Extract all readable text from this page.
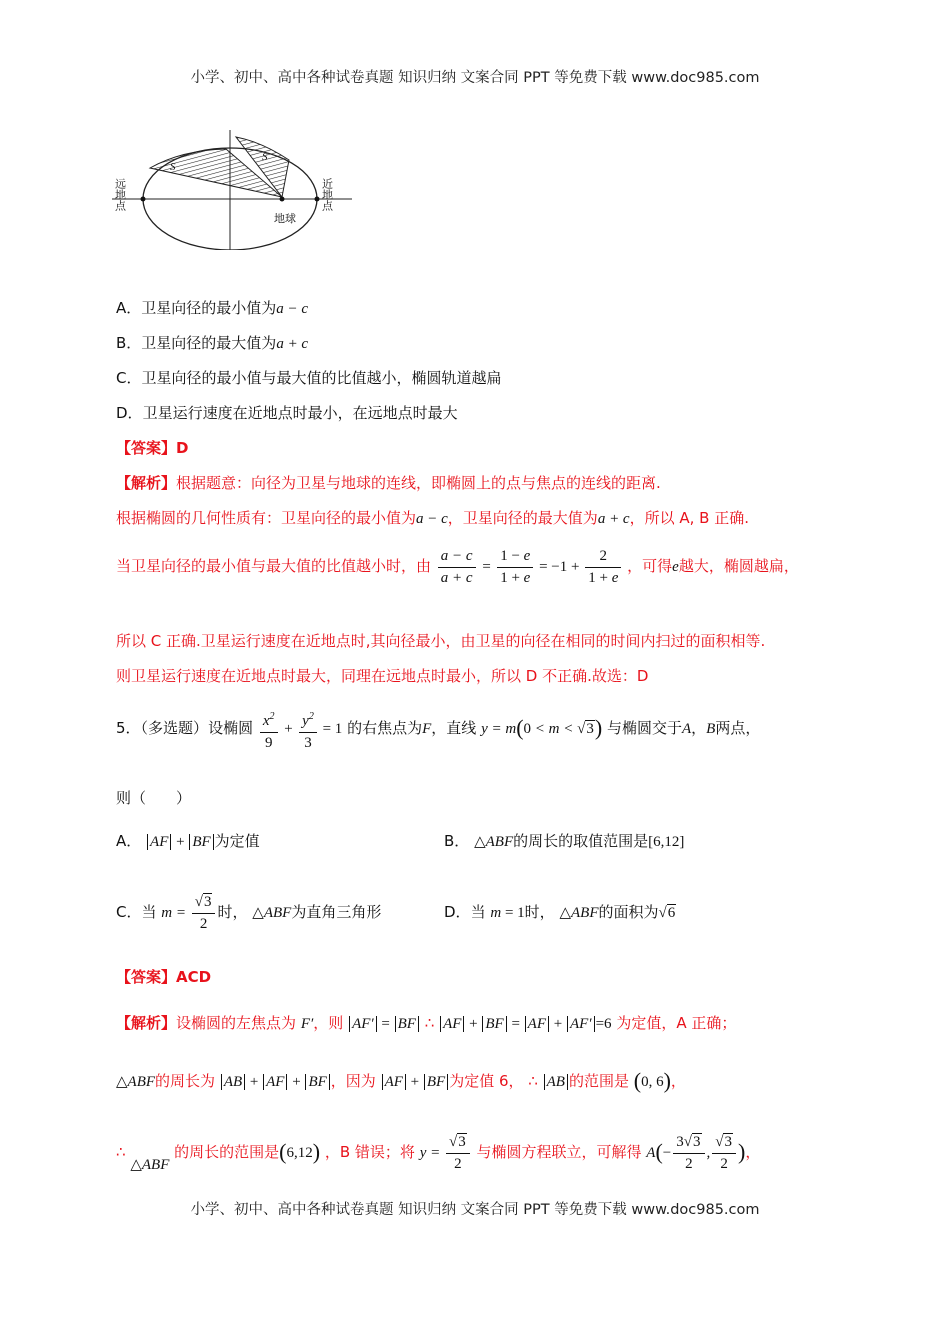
小学、初中、高中各种试卷真题 知识归纳 文案合同 PPT 等免费下载 www.doc985.com
S
S
地球
远地点	近地点
A．卫星向径的最小值为a − c
B．卫星向径的最大值为a + c
C．卫星向径的最小值与最大值的比值越小，椭圆轨道越扁
D．卫星运行速度在近地点时最小，在远地点时最大
【答案】D
【解析】根据题意：向径为卫星与地球的连线，即椭圆上的点与焦点的连线的距离.
根据椭圆的几何性质有：卫星向径的最小值为a − c，卫星向径的最大值为a + c，所以 A, B 正确.
当卫星向径的最小值与最大值的比值越小时，由 $\frac{a - c}{a + c} = \frac{1 - e}{1 + e} = -1 + \frac{2}{1 + e}$ ，可得e越大，椭圆越扁，
所以 C 正确.卫星运行速度在近地点时,其向径最小，由卫星的向径在相同的时间内扫过的面积相等.
则卫星运行速度在近地点时最大，同理在远地点时最小，所以 D 不正确.故选：D
5．（多选题）设椭圆 $\frac{x^2}{9} + \frac{y^2}{3} = 1$ 的右焦点为F，直线 y = m(0 < m < √3) 与椭圆交于A，B两点，
则（　　）
A． AF + BF 为定值	B． △ABF的周长的取值范围是[6,12]
C．当 $m = \frac{√3}{2}$ 时， △ABF为直角三角形	D．当 m = 1时， △ABF的面积为√6
【答案】ACD
【解析】设椭圆的左焦点为 F′，则 AF′ = BF ∴ AF + BF = AF + AF′ =6 为定值，A 正确；
△ABF的周长为 AB + AF + BF ，因为 AF + BF 为定值 6， ∴ AB 的范围是 (0, 6)，
∴ △ABF 的周长的范围是(6,12) ，B 错误；将 $y = \frac{√3}{2}$ 与椭圆方程联立，可解得 $A(- \frac{3√3}{2}$ , $\frac{√3}{2}$ )，
小学、初中、高中各种试卷真题 知识归纳 文案合同 PPT 等免费下载 www.doc985.com
